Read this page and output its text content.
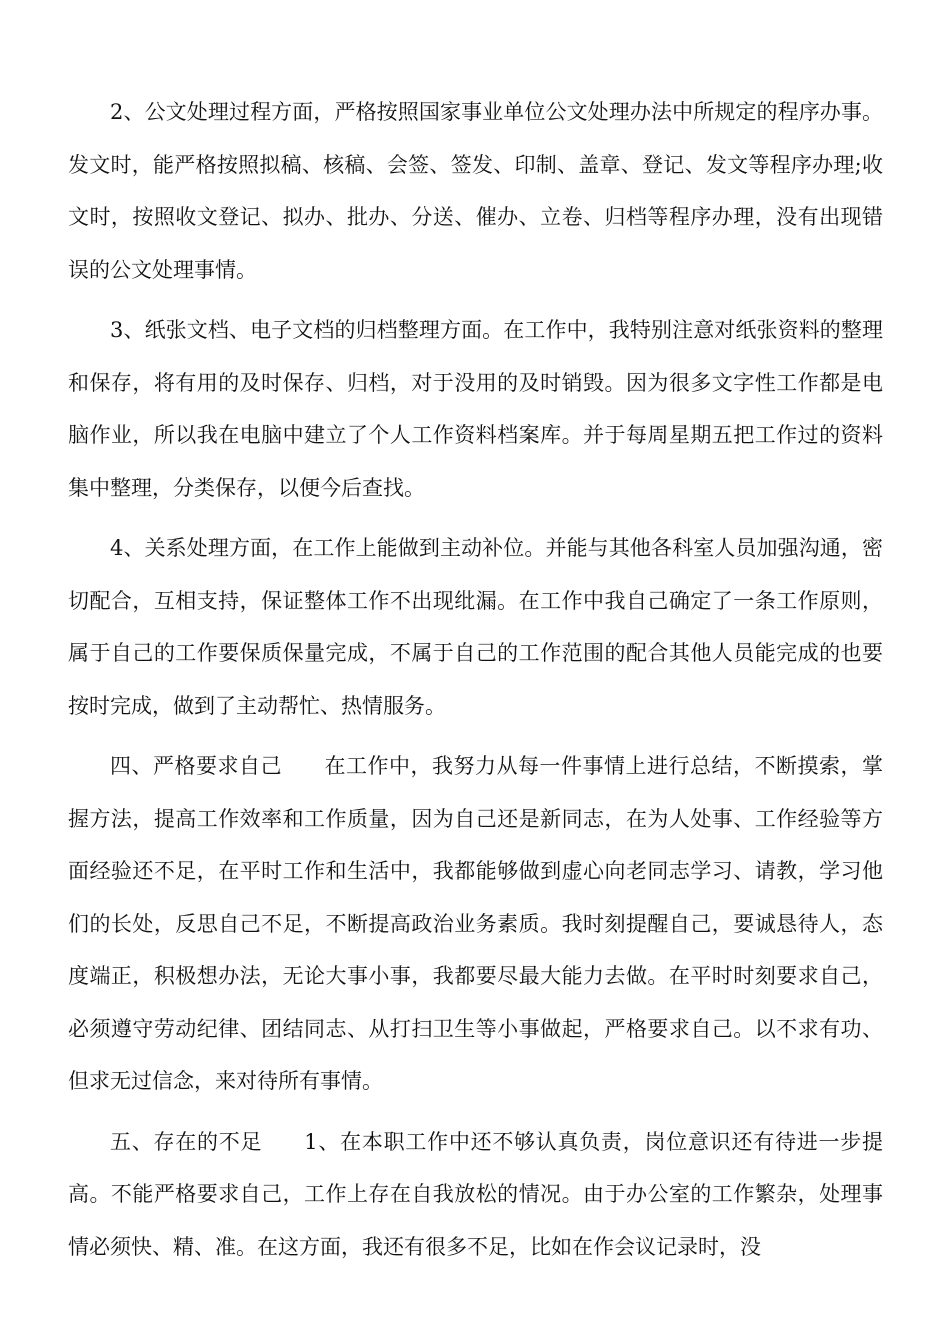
2、公文处理过程方面，严格按照国家事业单位公文处理办法中所规定的程序办事。发文时，能严格按照拟稿、核稿、会签、签发、印制、盖章、登记、发文等程序办理;收文时，按照收文登记、拟办、批办、分送、催办、立卷、归档等程序办理，没有出现错误的公文处理事情。

3、纸张文档、电子文档的归档整理方面。在工作中，我特别注意对纸张资料的整理和保存，将有用的及时保存、归档，对于没用的及时销毁。因为很多文字性工作都是电脑作业，所以我在电脑中建立了个人工作资料档案库。并于每周星期五把工作过的资料集中整理，分类保存，以便今后查找。

4、关系处理方面，在工作上能做到主动补位。并能与其他各科室人员加强沟通，密切配合，互相支持，保证整体工作不出现纰漏。在工作中我自己确定了一条工作原则，属于自己的工作要保质保量完成，不属于自己的工作范围的配合其他人员能完成的也要按时完成，做到了主动帮忙、热情服务。

四、严格要求自己 在工作中，我努力从每一件事情上进行总结，不断摸索，掌握方法，提高工作效率和工作质量，因为自己还是新同志，在为人处事、工作经验等方面经验还不足，在平时工作和生活中，我都能够做到虚心向老同志学习、请教，学习他们的长处，反思自己不足，不断提高政治业务素质。我时刻提醒自己，要诚恳待人，态度端正，积极想办法，无论大事小事，我都要尽最大能力去做。在平时时刻要求自己，必须遵守劳动纪律、团结同志、从打扫卫生等小事做起，严格要求自己。以不求有功、但求无过信念，来对待所有事情。

五、存在的不足 1、在本职工作中还不够认真负责，岗位意识还有待进一步提高。不能严格要求自己，工作上存在自我放松的情况。由于办公室的工作繁杂，处理事情必须快、精、准。在这方面，我还有很多不足，比如在作会议记录时，没
